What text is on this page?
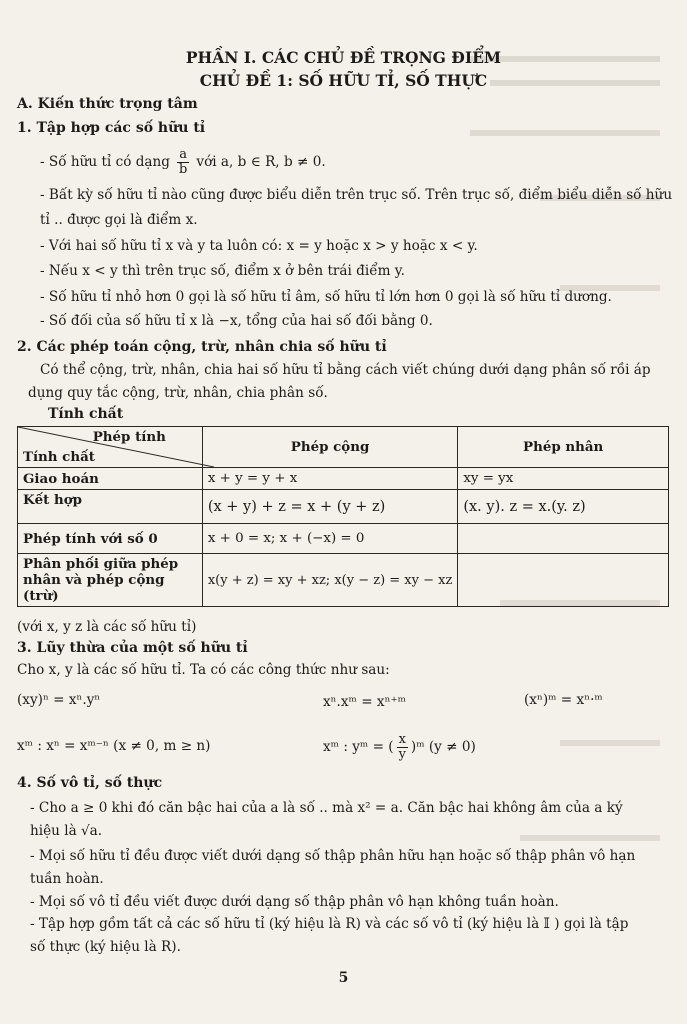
PHẦN I. CÁC CHỦ ĐỀ TRỌNG ĐIỂM
CHỦ ĐỀ 1: SỐ HỮU TỈ, SỐ THỰC
A. Kiến thức trọng tâm
1. Tập hợp các số hữu tỉ
- Số hữu tỉ có dạng $\frac{a}{b}$ với a, b ∈ R, b ≠ 0.
- Bất kỳ số hữu tỉ nào cũng được biểu diễn trên trục số. Trên trục số, điểm biểu diễn số hữu
tỉ .. được gọi là điểm x.
- Với hai số hữu tỉ x và y ta luôn có: x = y hoặc x > y hoặc x < y.
- Nếu x < y thì trên trục số, điểm x ở bên trái điểm y.
- Số hữu tỉ nhỏ hơn 0 gọi là số hữu tỉ âm, số hữu tỉ lớn hơn 0 gọi là số hữu tỉ dương.
- Số đối của số hữu tỉ x là −x, tổng của hai số đối bằng 0.
2. Các phép toán cộng, trừ, nhân chia số hữu tỉ
Có thể cộng, trừ, nhân, chia hai số hữu tỉ bằng cách viết chúng dưới dạng phân số rồi áp
dụng quy tắc cộng, trừ, nhân, chia phân số.
Tính chất
Phép tính
Tính chất	Phép cộng	Phép nhân
Giao hoán	x + y = y + x	xy = yx
Kết hợp	(x + y) + z = x + (y + z)	(x. y). z = x.(y. z)
Phép tính với số 0	x + 0 = x; x + (−x) = 0	

Phân phối giữa phép
nhân và phép cộng (trừ)	x(y + z) = xy + xz; x(y − z) = xy − xz	
(với x, y z là các số hữu tỉ)
3. Lũy thừa của một số hữu tỉ
Cho x, y là các số hữu tỉ. Ta có các công thức như sau:
(xy)ⁿ = xⁿ.yⁿ	xⁿ.xᵐ = xⁿ⁺ᵐ	(xⁿ)ᵐ = xⁿ·ᵐ
xᵐ : xⁿ = xᵐ⁻ⁿ (x ≠ 0, m ≥ n)	xᵐ : yᵐ = ( $\frac{x}{y}$ )ᵐ (y ≠ 0)
4. Số vô tỉ, số thực
- Cho a ≥ 0 khi đó căn bậc hai của a là số .. mà x² = a. Căn bậc hai không âm của a ký
hiệu là √a.
- Mọi số hữu tỉ đều được viết dưới dạng số thập phân hữu hạn hoặc số thập phân vô hạn
tuần hoàn.
- Mọi số vô tỉ đều viết được dưới dạng số thập phân vô hạn không tuần hoàn.
- Tập hợp gồm tất cả các số hữu tỉ (ký hiệu là R) và các số vô tỉ (ký hiệu là 𝕀 ) gọi là tập
số thực (ký hiệu là R).
5
